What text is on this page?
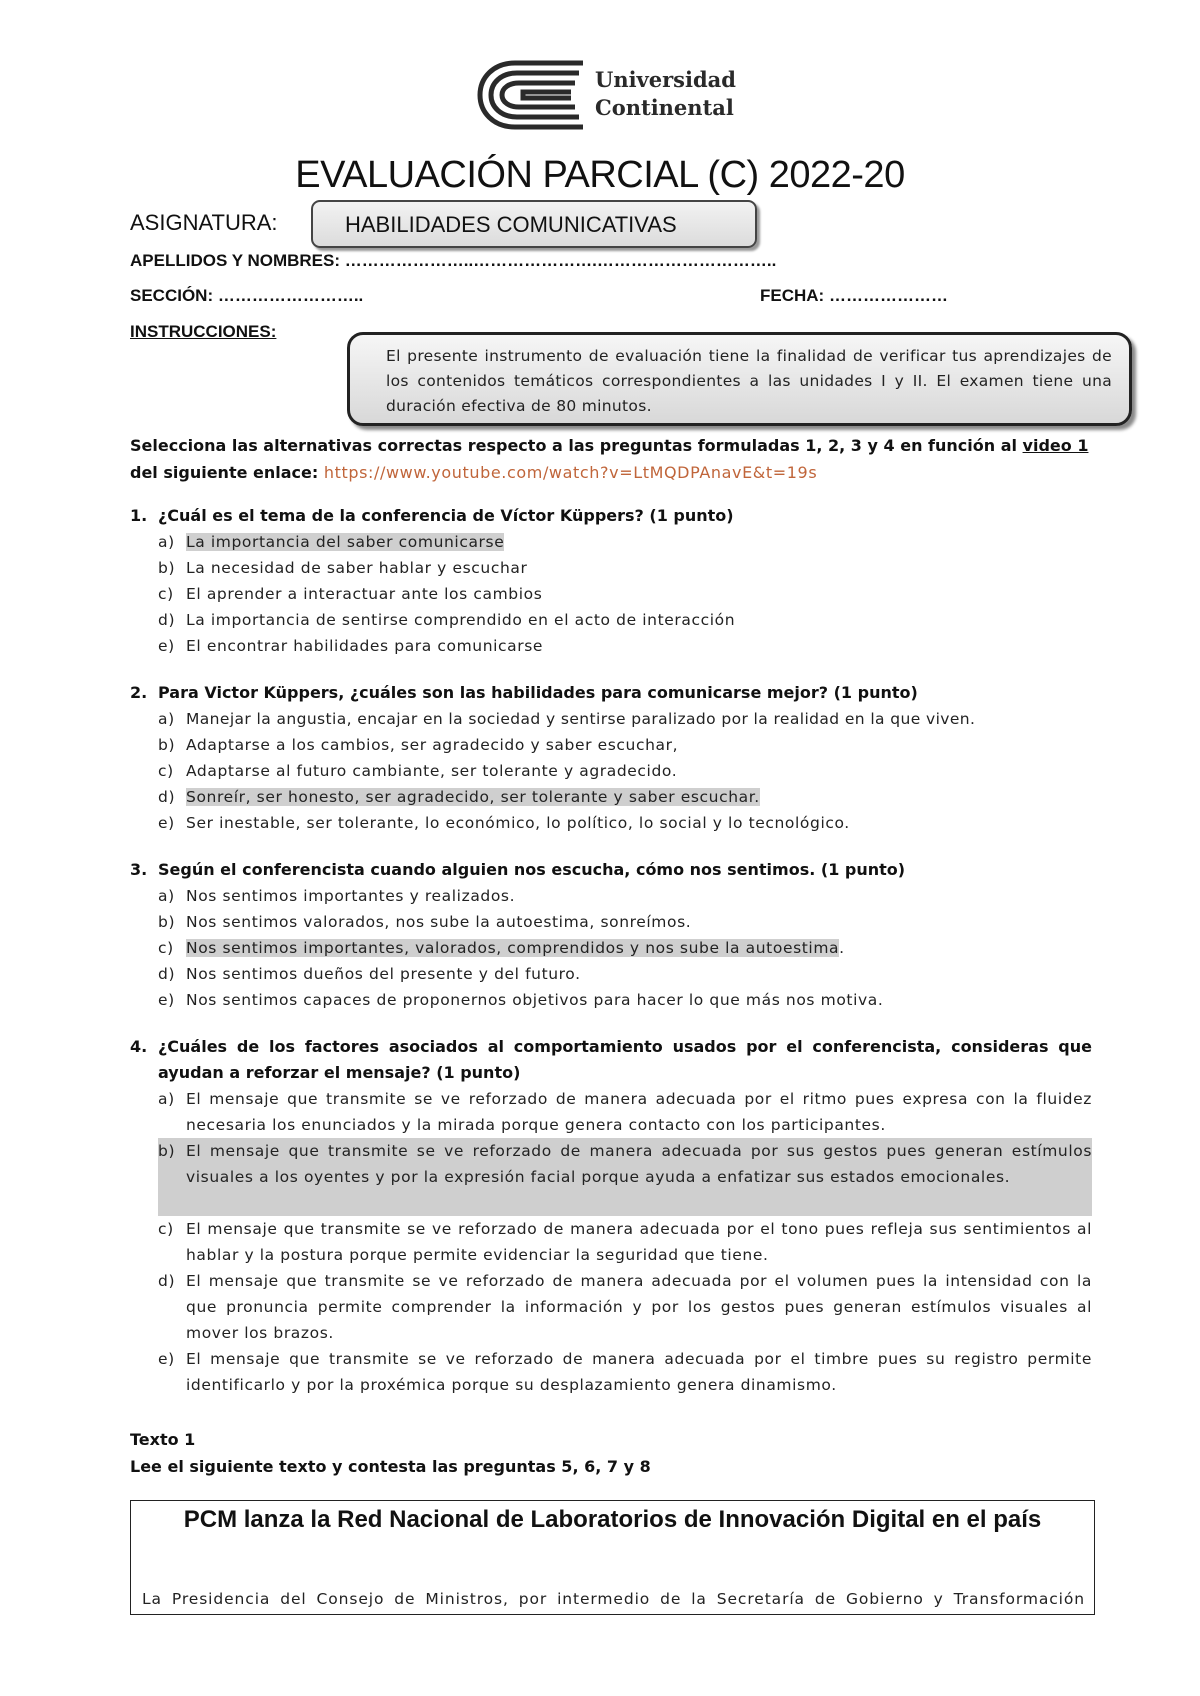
Universidad
Continental
EVALUACIÓN PARCIAL (C) 2022-20
ASIGNATURA:	HABILIDADES COMUNICATIVAS
APELLIDOS Y NOMBRES: …………………..………………….…………………………..
SECCIÓN: ……………………..	FECHA: …………………
INSTRUCCIONES:
El presente instrumento de evaluación tiene la finalidad de verificar tus aprendizajes de los contenidos temáticos correspondientes a las unidades I y II. El examen tiene una duración efectiva de 80 minutos.
Selecciona las alternativas correctas respecto a las preguntas formuladas 1, 2, 3 y 4 en función al video 1
del siguiente enlace: https://www.youtube.com/watch?v=LtMQDPAnavE&t=19s
1. ¿Cuál es el tema de la conferencia de Víctor Küppers? (1 punto)
a) La importancia del saber comunicarse
b) La necesidad de saber hablar y escuchar
c) El aprender a interactuar ante los cambios
d) La importancia de sentirse comprendido en el acto de interacción
e) El encontrar habilidades para comunicarse
2. Para Victor Küppers, ¿cuáles son las habilidades para comunicarse mejor? (1 punto)
a) Manejar la angustia, encajar en la sociedad y sentirse paralizado por la realidad en la que viven.
b) Adaptarse a los cambios, ser agradecido y saber escuchar,
c) Adaptarse al futuro cambiante, ser tolerante y agradecido.
d) Sonreír, ser honesto, ser agradecido, ser tolerante y saber escuchar.
e) Ser inestable, ser tolerante, lo económico, lo político, lo social y lo tecnológico.
3. Según el conferencista cuando alguien nos escucha, cómo nos sentimos. (1 punto)
a) Nos sentimos importantes y realizados.
b) Nos sentimos valorados, nos sube la autoestima, sonreímos.
c) Nos sentimos importantes, valorados, comprendidos y nos sube la autoestima.
d) Nos sentimos dueños del presente y del futuro.
e) Nos sentimos capaces de proponernos objetivos para hacer lo que más nos motiva.
4. ¿Cuáles de los factores asociados al comportamiento usados por el conferencista, consideras que ayudan a reforzar el mensaje? (1 punto)
a) El mensaje que transmite se ve reforzado de manera adecuada por el ritmo pues expresa con la fluidez necesaria los enunciados y la mirada porque genera contacto con los participantes.
b) El mensaje que transmite se ve reforzado de manera adecuada por sus gestos pues generan estímulos visuales a los oyentes y por la expresión facial porque ayuda a enfatizar sus estados emocionales.
c) El mensaje que transmite se ve reforzado de manera adecuada por el tono pues refleja sus sentimientos al hablar y la postura porque permite evidenciar la seguridad que tiene.
d) El mensaje que transmite se ve reforzado de manera adecuada por el volumen pues la intensidad con la que pronuncia permite comprender la información y por los gestos pues generan estímulos visuales al mover los brazos.
e) El mensaje que transmite se ve reforzado de manera adecuada por el timbre pues su registro permite identificarlo y por la proxémica porque su desplazamiento genera dinamismo.
Texto 1
Lee el siguiente texto y contesta las preguntas 5, 6, 7 y 8
PCM lanza la Red Nacional de Laboratorios de Innovación Digital en el país
La Presidencia del Consejo de Ministros, por intermedio de la Secretaría de Gobierno y Transformación
